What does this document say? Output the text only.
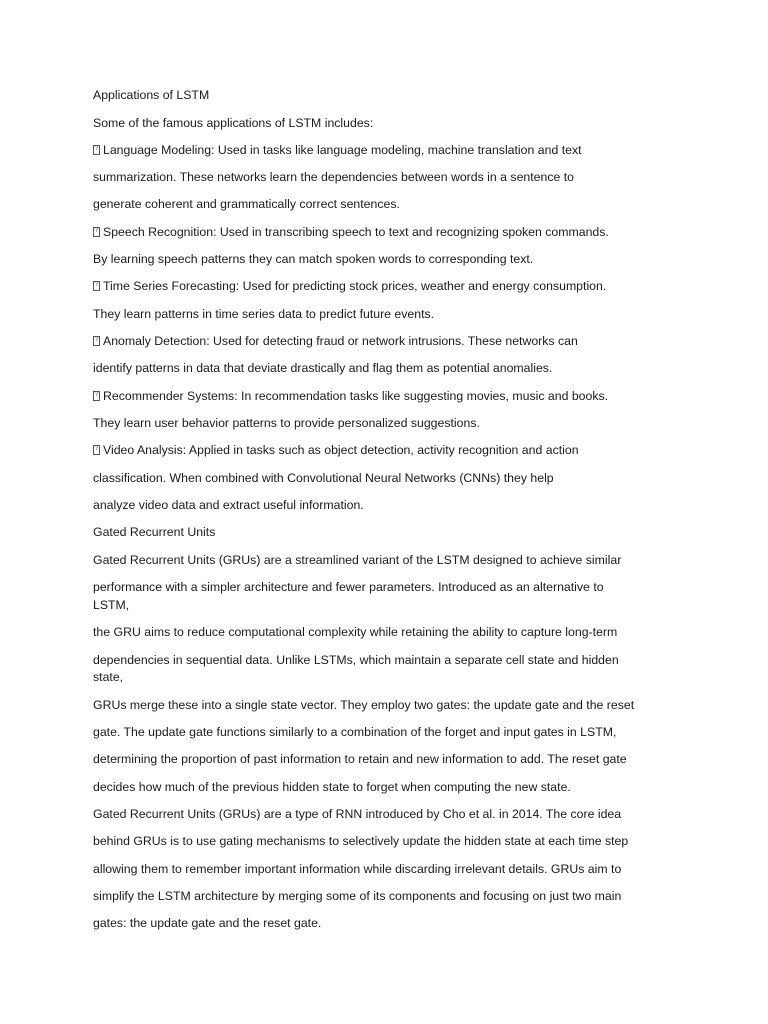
Applications of LSTM

Some of the famous applications of LSTM includes:

?Language Modeling: Used in tasks like language modeling, machine translation and text

summarization. These networks learn the dependencies between words in a sentence to

generate coherent and grammatically correct sentences.

?Speech Recognition: Used in transcribing speech to text and recognizing spoken commands.

By learning speech patterns they can match spoken words to corresponding text.

?Time Series Forecasting: Used for predicting stock prices, weather and energy consumption.

They learn patterns in time series data to predict future events.

?Anomaly Detection: Used for detecting fraud or network intrusions. These networks can

identify patterns in data that deviate drastically and flag them as potential anomalies.

?Recommender Systems: In recommendation tasks like suggesting movies, music and books.

They learn user behavior patterns to provide personalized suggestions.

?Video Analysis: Applied in tasks such as object detection, activity recognition and action

classification. When combined with Convolutional Neural Networks (CNNs) they help

analyze video data and extract useful information.

Gated Recurrent Units

Gated Recurrent Units (GRUs) are a streamlined variant of the LSTM designed to achieve similar

performance with a simpler architecture and fewer parameters. Introduced as an alternative to

LSTM,

the GRU aims to reduce computational complexity while retaining the ability to capture long-term

dependencies in sequential data. Unlike LSTMs, which maintain a separate cell state and hidden

state,

GRUs merge these into a single state vector. They employ two gates: the update gate and the reset

gate. The update gate functions similarly to a combination of the forget and input gates in LSTM,

determining the proportion of past information to retain and new information to add. The reset gate

decides how much of the previous hidden state to forget when computing the new state.

Gated Recurrent Units (GRUs) are a type of RNN introduced by Cho et al. in 2014. The core idea

behind GRUs is to use gating mechanisms to selectively update the hidden state at each time step

allowing them to remember important information while discarding irrelevant details. GRUs aim to

simplify the LSTM architecture by merging some of its components and focusing on just two main

gates: the update gate and the reset gate.
